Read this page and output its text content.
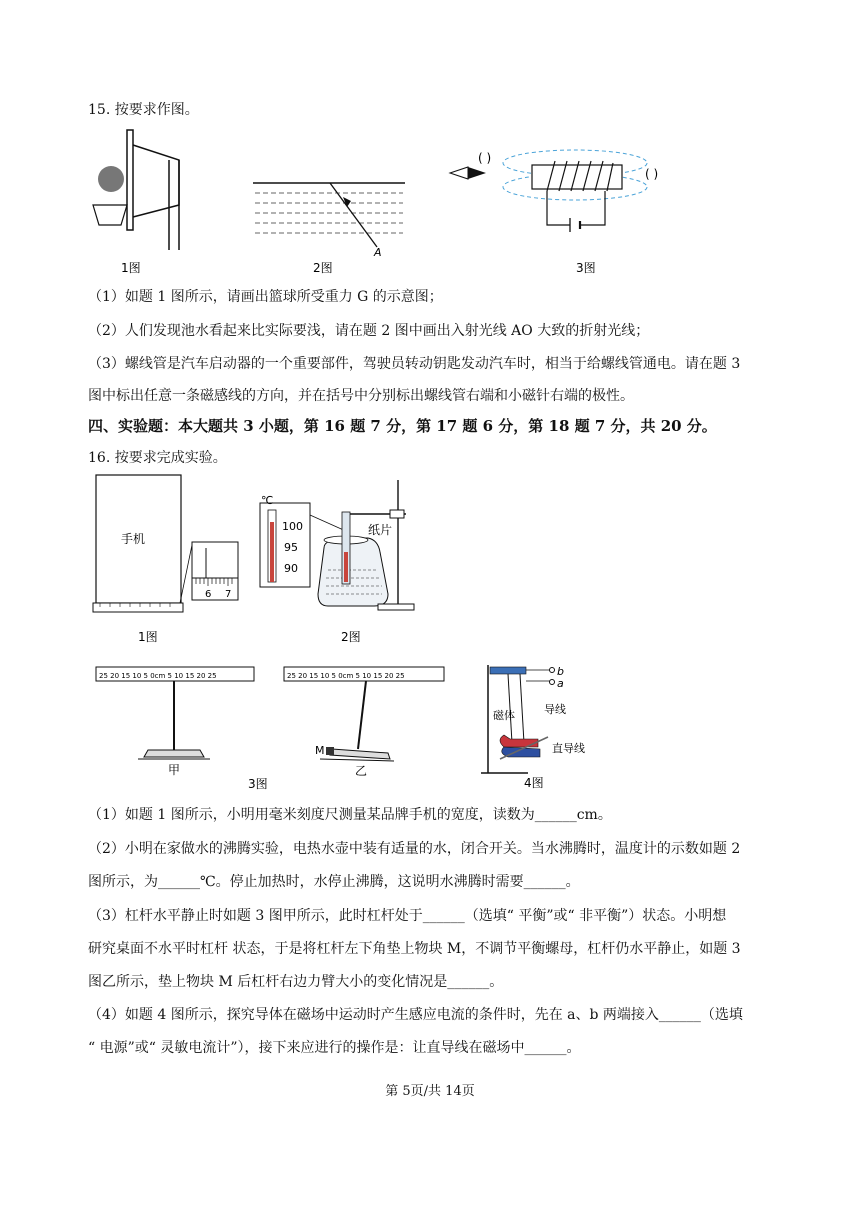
15. 按要求作图。
1图
A
2图
( )
( )
3图
（1）如题 1 图所示，请画出篮球所受重力 G 的示意图；
（2）人们发现池水看起来比实际要浅，请在题 2 图中画出入射光线 AO 大致的折射光线；
（3）螺线管是汽车启动器的一个重要部件，驾驶员转动钥匙发动汽车时，相当于给螺线管通电。请在题 3
图中标出任意一条磁感线的方向，并在括号中分别标出螺线管右端和小磁针右端的极性。
四、实验题：本大题共 3 小题，第 16 题 7 分，第 17 题 6 分，第 18 题 7 分，共 20 分。
16. 按要求完成实验。
手机
6 7
1图
℃
100
95
90
纸片
2图
25 20 15 10 5 0cm 5 10 15 20 25
甲
25 20 15 10 5 0cm 5 10 15 20 25
M
乙
3图
b
a
磁体	导线
直导线
4图
（1）如题 1 图所示，小明用毫米刻度尺测量某品牌手机的宽度，读数为______cm。
（2）小明在家做水的沸腾实验，电热水壶中装有适量的水，闭合开关。当水沸腾时，温度计的示数如题 2
图所示，为______℃。停止加热时，水停止沸腾，这说明水沸腾时需要______。
（3）杠杆水平静止时如题 3 图甲所示，此时杠杆处于______（选填“ 平衡”或“ 非平衡”）状态。小明想
研究桌面不水平时杠杆 状态，于是将杠杆左下角垫上物块 M，不调节平衡螺母，杠杆仍水平静止，如题 3
图乙所示，垫上物块 M 后杠杆右边力臂大小的变化情况是______。
（4）如题 4 图所示，探究导体在磁场中运动时产生感应电流的条件时，先在 a、b 两端接入______（选填
“ 电源”或“ 灵敏电流计”），接下来应进行的操作是：让直导线在磁场中______。
第 5页/共 14页
